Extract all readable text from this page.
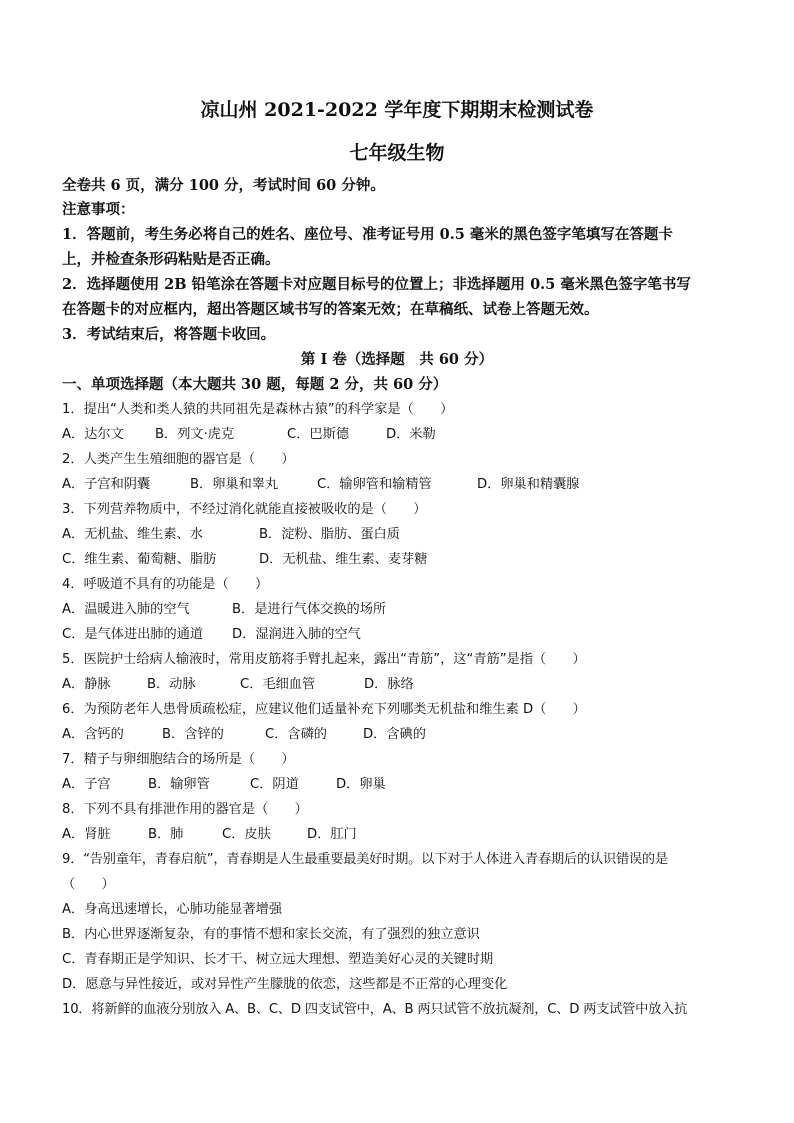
凉山州 2021-2022 学年度下期期末检测试卷
七年级生物
全卷共 6 页，满分 100 分，考试时间 60 分钟。
注意事项：
1．答题前，考生务必将自己的姓名、座位号、准考证号用 0.5 毫米的黑色签字笔填写在答题卡
上，并检查条形码粘贴是否正确。
2．选择题使用 2B 铅笔涂在答题卡对应题目标号的位置上；非选择题用 0.5 毫米黑色签字笔书写
在答题卡的对应框内，超出答题区域书写的答案无效；在草稿纸、试卷上答题无效。
3．考试结束后，将答题卡收回。
第 I 卷（选择题　共 60 分）
一、单项选择题（本大题共 30 题，每题 2 分，共 60 分）
1．提出“人类和类人猿的共同祖先是森林古猿”的科学家是（　　）
A．达尔文 B．列文·虎克	C．巴斯德	D．米勒
2．人类产生生殖细胞的器官是（　　）
A．子宫和阴囊	B．卵巢和睾丸	C．输卵管和输精管	D．卵巢和精囊腺
3．下列营养物质中，不经过消化就能直接被吸收的是（　　）
A．无机盐、维生素、水	B．淀粉、脂肪、蛋白质
C．维生素、葡萄糖、脂肪	D．无机盐、维生素、麦芽糖
4．呼吸道不具有的功能是（　　）
A．温暖进入肺的空气	B．是进行气体交换的场所
C．是气体进出肺的通道 D．湿润进入肺的空气
5．医院护士给病人输液时，常用皮筋将手臂扎起来，露出“青筋”，这“青筋”是指（　　）
A．静脉	B．动脉	C．毛细血管	D．脉络
6．为预防老年人患骨质疏松症，应建议他们适量补充下列哪类无机盐和维生素 D（　　）
A．含钙的	B．含锌的	C．含磷的	D．含碘的
7．精子与卵细胞结合的场所是（　　）
A．子宫	B．输卵管	C．阴道	D．卵巢
8．下列不具有排泄作用的器官是（　　）
A．肾脏	B．肺	C．皮肤	D．肛门
9．“告别童年，青春启航”，青春期是人生最重要最美好时期。以下对于人体进入青春期后的认识错误的是
（　　）
A．身高迅速增长，心肺功能显著增强
B．内心世界逐渐复杂，有的事情不想和家长交流，有了强烈的独立意识
C．青春期正是学知识、长才干、树立远大理想、塑造美好心灵的关键时期
D．愿意与异性接近，或对异性产生朦胧的依恋，这些都是不正常的心理变化
10．将新鲜的血液分别放入 A、B、C、D 四支试管中，A、B 两只试管不放抗凝剂，C、D 两支试管中放入抗
